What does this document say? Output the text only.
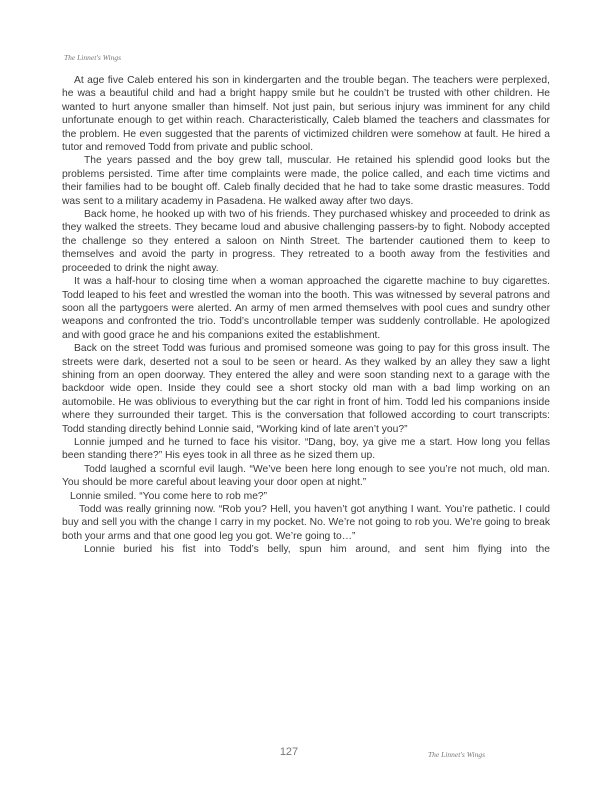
The Linnet's Wings

At age five Caleb entered his son in kindergarten and the trouble began. The teachers were perplexed, he was a beautiful child and had a bright happy smile but he couldn’t be trusted with other children. He wanted to hurt anyone smaller than himself. Not just pain, but serious injury was imminent for any child unfortunate enough to get within reach. Characteristically, Caleb blamed the teachers and classmates for the problem. He even suggested that the parents of victimized children were somehow at fault. He hired a tutor and removed Todd from private and public school.

The years passed and the boy grew tall, muscular. He retained his splendid good looks but the problems persisted. Time after time complaints were made, the police called, and each time victims and their families had to be bought off. Caleb finally decided that he had to take some drastic measures. Todd was sent to a military academy in Pasadena. He walked away after two days.

Back home, he hooked up with two of his friends. They purchased whiskey and proceeded to drink as they walked the streets. They became loud and abusive challenging passers-by to fight. Nobody accepted the challenge so they entered a saloon on Ninth Street. The bartender cautioned them to keep to themselves and avoid the party in progress. They retreated to a booth away from the festivities and proceeded to drink the night away.

It was a half-hour to closing time when a woman approached the cigarette machine to buy cigarettes. Todd leaped to his feet and wrestled the woman into the booth. This was witnessed by several patrons and soon all the partygoers were alerted. An army of men armed themselves with pool cues and sundry other weapons and confronted the trio. Todd’s uncontrollable temper was suddenly controllable. He apologized and with good grace he and his companions exited the establishment.

Back on the street Todd was furious and promised someone was going to pay for this gross insult. The streets were dark, deserted not a soul to be seen or heard. As they walked by an alley they saw a light shining from an open doorway. They entered the alley and were soon standing next to a garage with the backdoor wide open. Inside they could see a short stocky old man with a bad limp working on an automobile. He was oblivious to everything but the car right in front of him. Todd led his companions inside where they surrounded their target. This is the conversation that followed according to court transcripts: Todd standing directly behind Lonnie said, “Working kind of late aren’t you?”

Lonnie jumped and he turned to face his visitor. “Dang, boy, ya give me a start. How long you fellas been standing there?” His eyes took in all three as he sized them up.

Todd laughed a scornful evil laugh. “We’ve been here long enough to see you’re not much, old man. You should be more careful about leaving your door open at night.”

Lonnie smiled. “You come here to rob me?”

Todd was really grinning now. “Rob you? Hell, you haven’t got anything I want. You’re pathetic. I could buy and sell you with the change I carry in my pocket. No. We’re not going to rob you. We’re going to break both your arms and that one good leg you got. We’re going to…”

Lonnie buried his fist into Todd’s belly, spun him around, and sent him flying into the

127	The Linnet's Wings
